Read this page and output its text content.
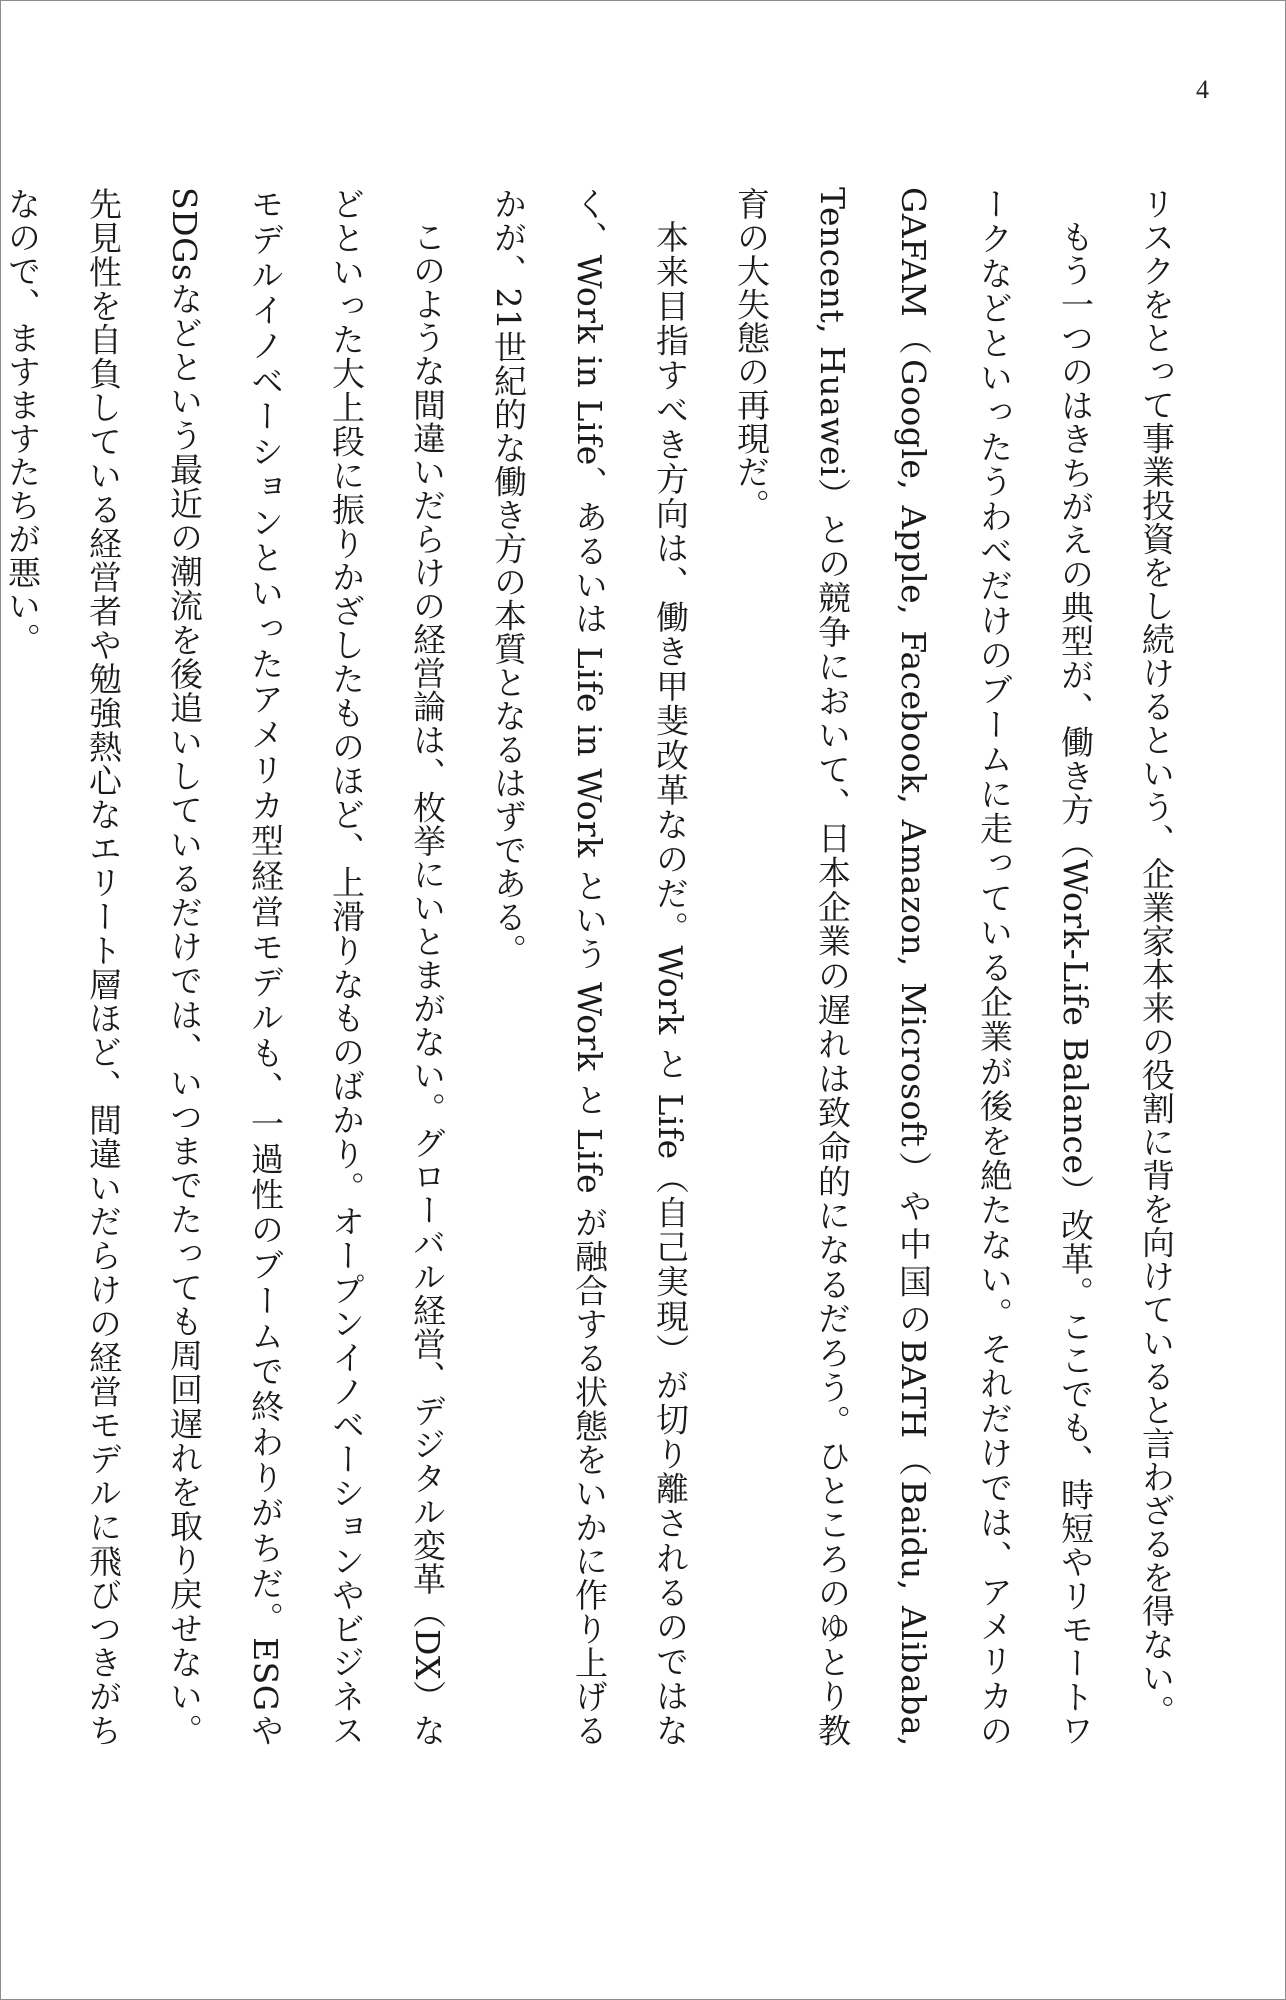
4

リスクをとって事業投資をし続けるという、企業家本来の役割に背を向けていると言わざるを得ない。

もう一つのはきちがえの典型が、働き方（Work-Life Balance）改革。ここでも、時短やリモートワークなどといったうわべだけのブームに走っている企業が後を絶たない。それだけでは、アメリカのGAFAM（Google, Apple, Facebook, Amazon, Microsoft）や中国のBATH（Baidu, Alibaba, Tencent, Huawei）との競争において、日本企業の遅れは致命的になるだろう。ひところのゆとり教育の大失態の再現だ。

本来目指すべき方向は、働き甲斐改革なのだ。Work と Life（自己実現）が切り離されるのではなく、Work in Life、あるいは Life in Work という Work と Life が融合する状態をいかに作り上げるかが、21世紀的な働き方の本質となるはずである。

このような間違いだらけの経営論は、枚挙にいとまがない。グローバル経営、デジタル変革（DX）などといった大上段に振りかざしたものほど、上滑りなものばかり。オープンイノベーションやビジネスモデルイノベーションといったアメリカ型経営モデルも、一過性のブームで終わりがちだ。ESGやSDGsなどという最近の潮流を後追いしているだけでは、いつまでたっても周回遅れを取り戻せない。先見性を自負している経営者や勉強熱心なエリート層ほど、間違いだらけの経営モデルに飛びつきがちなので、ますますたちが悪い。
